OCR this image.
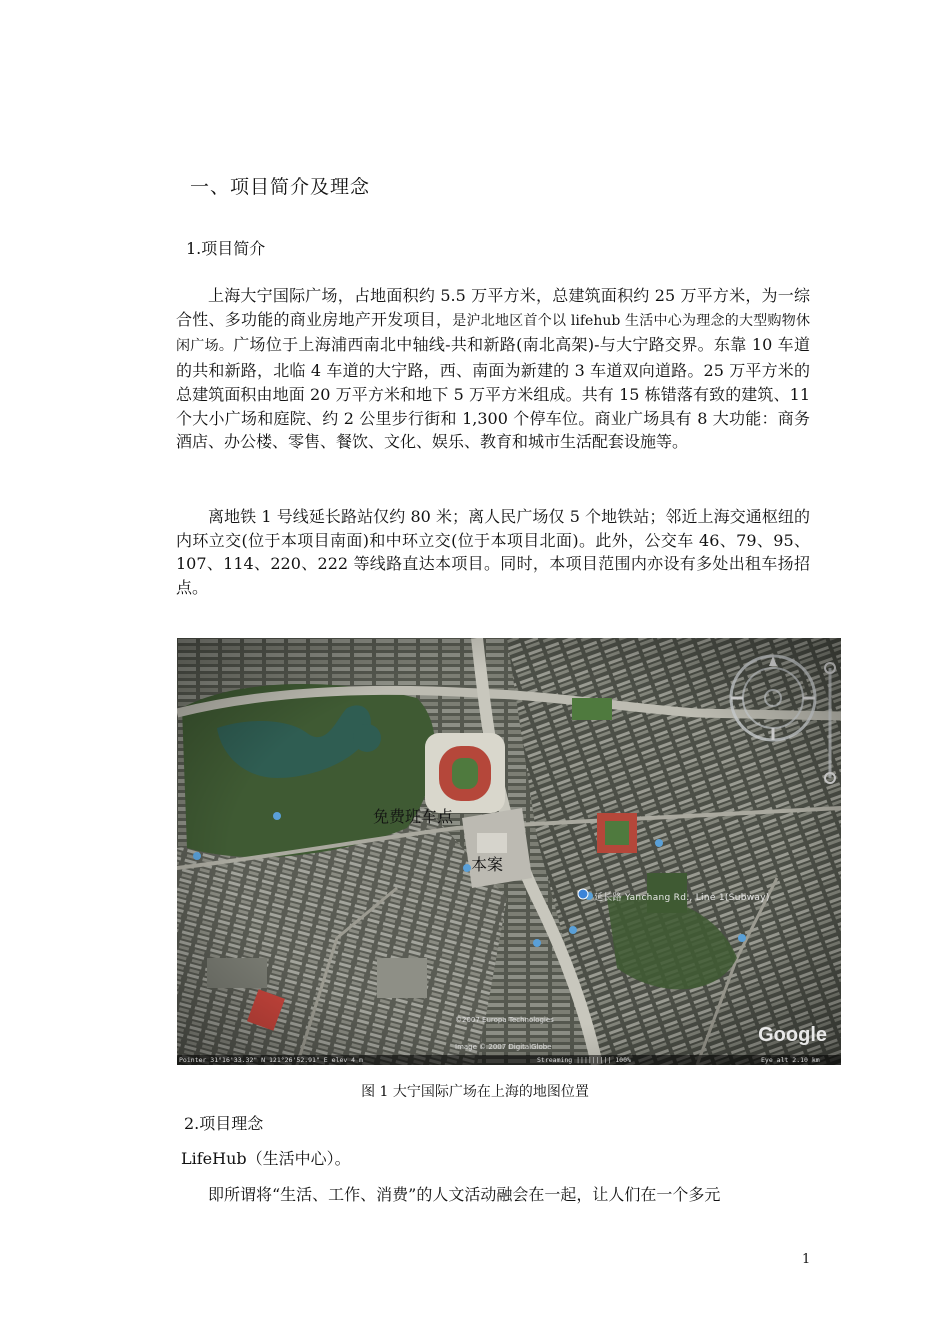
一、项目简介及理念
1.项目简介

上海大宁国际广场，占地面积约 5.5 万平方米，总建筑面积约 25 万平方米，为一综合性、多功能的商业房地产开发项目，是沪北地区首个以 lifehub 生活中心为理念的大型购物休闲广场。广场位于上海浦西南北中轴线-共和新路(南北高架)-与大宁路交界。东靠 10 车道的共和新路，北临 4 车道的大宁路，西、南面为新建的 3 车道双向道路。25 万平方米的总建筑面积由地面 20 万平方米和地下 5 万平方米组成。共有 15 栋错落有致的建筑、11 个大小广场和庭院、约 2 公里步行街和 1,300 个停车位。商业广场具有 8 大功能：商务酒店、办公楼、零售、餐饮、文化、娱乐、教育和城市生活配套设施等。

离地铁 1 号线延长路站仅约 80 米；离人民广场仅 5 个地铁站；邻近上海交通枢纽的内环立交(位于本项目南面)和中环立交(位于本项目北面)。此外，公交车 46、79、95、107、114、220、222 等线路直达本项目。同时，本项目范围内亦设有多处出租车扬招点。

免费班车点
本案
延长路 Yanchang Rd., Line 1(Subway)
©2007 Europa Technologies
Image © 2007 DigitalGlobe
Google
Pointer 31°16'33.32" N 121°26'52.91" E elev 4 m	Streaming ||||||||| 100%	Eye alt 2.10 km
图 1 大宁国际广场在上海的地图位置
2.项目理念
LifeHub（生活中心）。

即所谓将“生活、工作、消费”的人文活动融会在一起，让人们在一个多元

1
